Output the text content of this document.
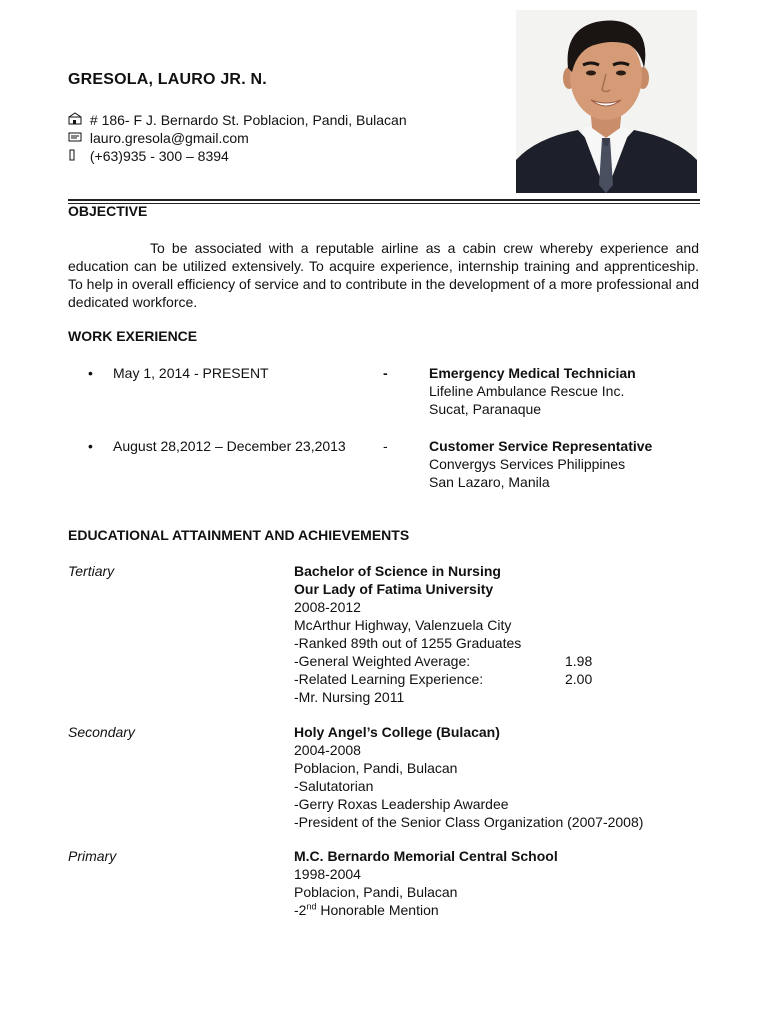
GRESOLA, LAURO JR. N.
# 186- F J. Bernardo St. Poblacion, Pandi, Bulacan
lauro.gresola@gmail.com
(+63)935 - 300 – 8394
OBJECTIVE
To be associated with a reputable airline as a cabin crew whereby experience and education can be utilized extensively. To acquire experience, internship training and apprenticeship. To help in overall efficiency of service and to contribute in the development of a more professional and dedicated workforce.
WORK EXERIENCE
• May 1, 2014 - PRESENT	-	Emergency Medical Technician
Lifeline Ambulance Rescue Inc.
Sucat, Paranaque
• August 28,2012 – December 23,2013	-	Customer Service Representative
Convergys Services Philippines
San Lazaro, Manila
EDUCATIONAL ATTAINMENT AND ACHIEVEMENTS
Tertiary	Bachelor of Science in Nursing
Our Lady of Fatima University
2008-2012
McArthur Highway, Valenzuela City
-Ranked 89th out of 1255 Graduates
-General Weighted Average:	1.98
-Related Learning Experience:	2.00
-Mr. Nursing 2011
Secondary	Holy Angel’s College (Bulacan)
2004-2008
Poblacion, Pandi, Bulacan
-Salutatorian
-Gerry Roxas Leadership Awardee
-President of the Senior Class Organization (2007-2008)
Primary	M.C. Bernardo Memorial Central School
1998-2004
Poblacion, Pandi, Bulacan
-2nd Honorable Mention
